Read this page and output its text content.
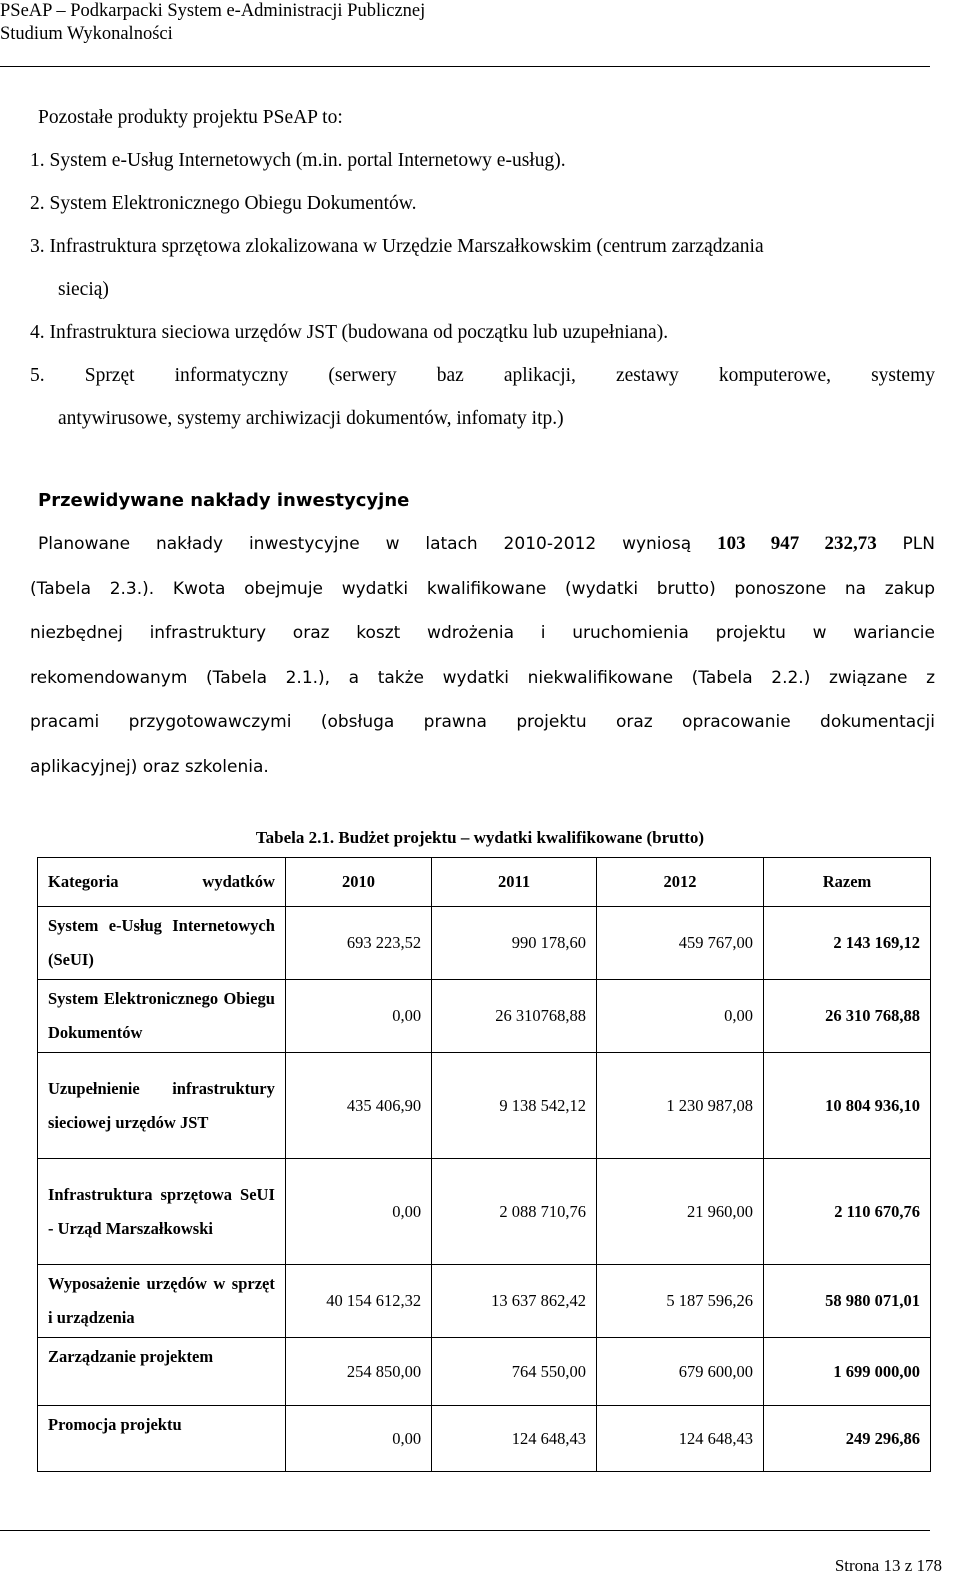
PSeAP – Podkarpacki System e-Administracji Publicznej
Studium Wykonalności
Pozostałe produkty projektu PSeAP to:
1. System e-Usług Internetowych (m.in. portal Internetowy e-usług).
2. System Elektronicznego Obiegu Dokumentów.
3. Infrastruktura sprzętowa zlokalizowana w Urzędzie Marszałkowskim (centrum zarządzania
siecią)
4. Infrastruktura sieciowa urzędów JST (budowana od początku lub uzupełniana).
5. Sprzęt informatyczny (serwery baz aplikacji, zestawy komputerowe, systemy
antywirusowe, systemy archiwizacji dokumentów, infomaty itp.)
Przewidywane nakłady inwestycyjne
Planowane nakłady inwestycyjne w latach 2010-2012 wyniosą 103 947 232,73 PLN
(Tabela 2.3.). Kwota obejmuje wydatki kwalifikowane (wydatki brutto) ponoszone na zakup
niezbędnej infrastruktury oraz koszt wdrożenia i uruchomienia projektu w wariancie
rekomendowanym (Tabela 2.1.), a także wydatki niekwalifikowane (Tabela 2.2.) związane z
pracami przygotowawczymi (obsługa prawna projektu oraz opracowanie dokumentacji
aplikacyjnej) oraz szkolenia.
Tabela 2.1. Budżet projektu – wydatki kwalifikowane (brutto)
Kategoria wydatków	2010	2011	2012	Razem
System e-Usług Internetowych (SeUI)	693 223,52	990 178,60	459 767,00	2 143 169,12
System Elektronicznego Obiegu Dokumentów	0,00	26 310768,88	0,00	26 310 768,88
Uzupełnienie infrastruktury sieciowej urzędów JST	435 406,90	9 138 542,12	1 230 987,08	10 804 936,10
Infrastruktura sprzętowa SeUI - Urząd Marszałkowski	0,00	2 088 710,76	21 960,00	2 110 670,76
Wyposażenie urzędów w sprzęt i urządzenia	40 154 612,32	13 637 862,42	5 187 596,26	58 980 071,01
Zarządzanie projektem	254 850,00	764 550,00	679 600,00	1 699 000,00
Promocja projektu	0,00	124 648,43	124 648,43	249 296,86
Strona 13 z 178
